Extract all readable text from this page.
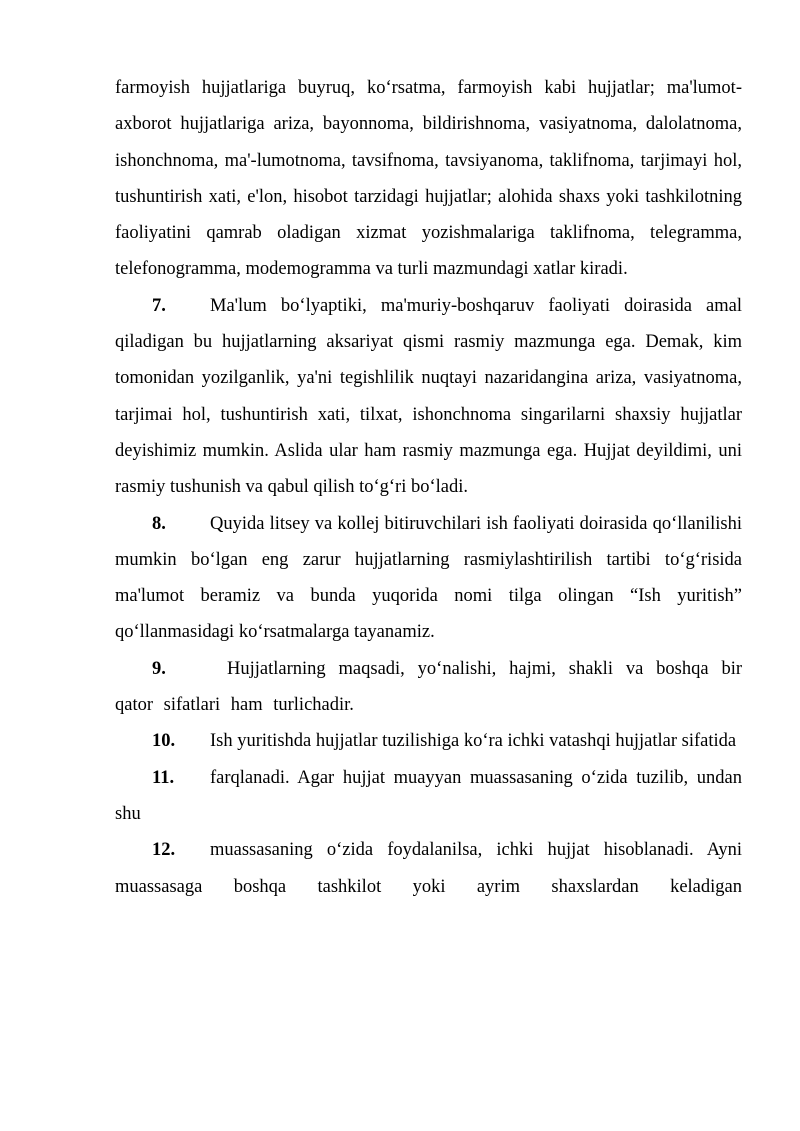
farmoyish hujjatlariga buyruq, ko‘rsatma, farmoyish kabi hujjatlar; ma'lumot-axborot hujjatlariga ariza, bayonnoma, bildirishnoma, vasiyatnoma, dalolatnoma, ishonchnoma, ma'-lumotnoma, tavsifnoma, tavsiyanoma, taklifnoma, tarjimayi hol, tushuntirish xati, e'lon, hisobot tarzidagi hujjatlar; alohida shaxs yoki tashkilotning faoliyatini qamrab oladigan xizmat yozishmalariga taklifnoma, telegramma, telefonogramma, modemogramma va turli mazmundagi xatlar kiradi.

7. Ma'lum bo‘lyaptiki, ma'muriy-boshqaruv faoliyati doirasida amal qiladigan bu hujjatlarning aksariyat qismi rasmiy mazmunga ega. Demak, kim tomonidan yozilganlik, ya'ni tegishlilik nuqtayi nazaridangina ariza, vasiyatnoma, tarjimai hol, tushuntirish xati, tilxat, ishonchnoma singarilarni shaxsiy hujjatlar deyishimiz mumkin. Aslida ular ham rasmiy mazmunga ega. Hujjat deyildimi, uni rasmiy tushunish va qabul qilish to‘g‘ri bo‘ladi.

8. Quyida litsey va kollej bitiruvchilari ish faoliyati doirasida qo‘llanilishi mumkin bo‘lgan eng zarur hujjatlarning rasmiylashtirilish tartibi to‘g‘risida ma'lumot beramiz va bunda yuqorida nomi tilga olingan “Ish yuritish” qo‘llanmasidagi ko‘rsatmalarga tayanamiz.

9.	Hujjatlarning maqsadi, yo‘nalishi, hajmi, shakli va boshqa bir qator sifatlari ham turlichadir.

10. Ish yuritishda hujjatlar tuzilishiga ko‘ra ichki vatashqi hujjatlar sifatida

11. farqlanadi. Agar hujjat muayyan muassasaning o‘zida tuzilib, undan shu

12. muassasaning o‘zida foydalanilsa, ichki hujjat hisoblanadi. Ayni muassasaga boshqa tashkilot yoki ayrim shaxslardan keladigan
